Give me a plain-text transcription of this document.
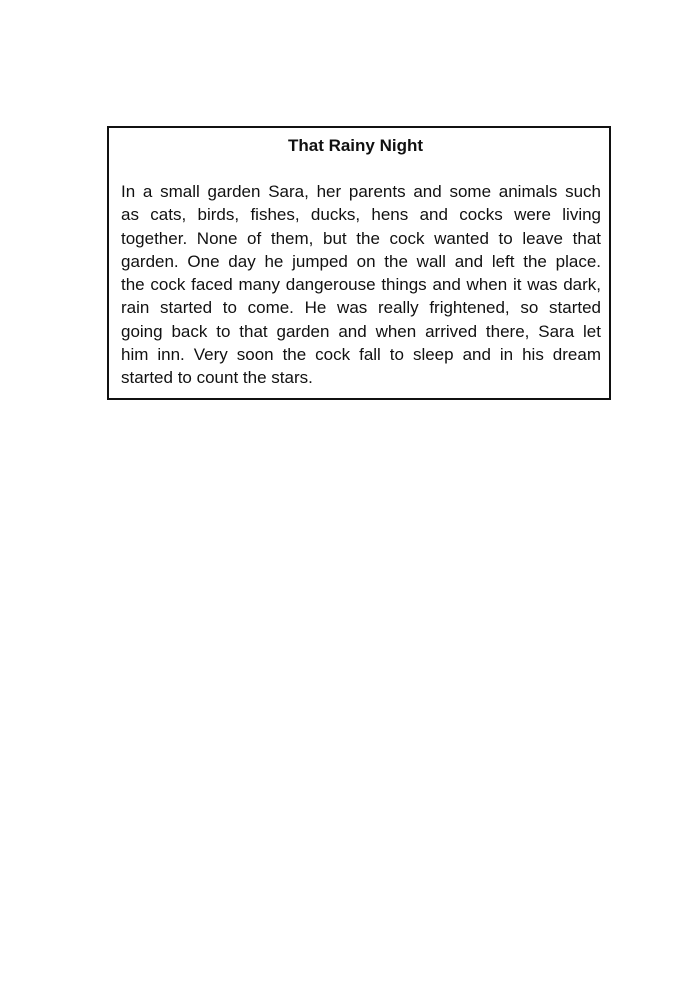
That Rainy Night
In a small garden Sara, her parents and some animals such
as cats, birds, fishes, ducks, hens and cocks were living
together. None of them, but the cock wanted to leave that
garden. One day he jumped on the wall and left the place.
the cock faced many dangerouse things and when it was dark,
rain started to come. He was really frightened, so started
going back to that garden and when arrived there, Sara let
him inn. Very soon the cock fall to sleep and in his dream
started to count the stars.
